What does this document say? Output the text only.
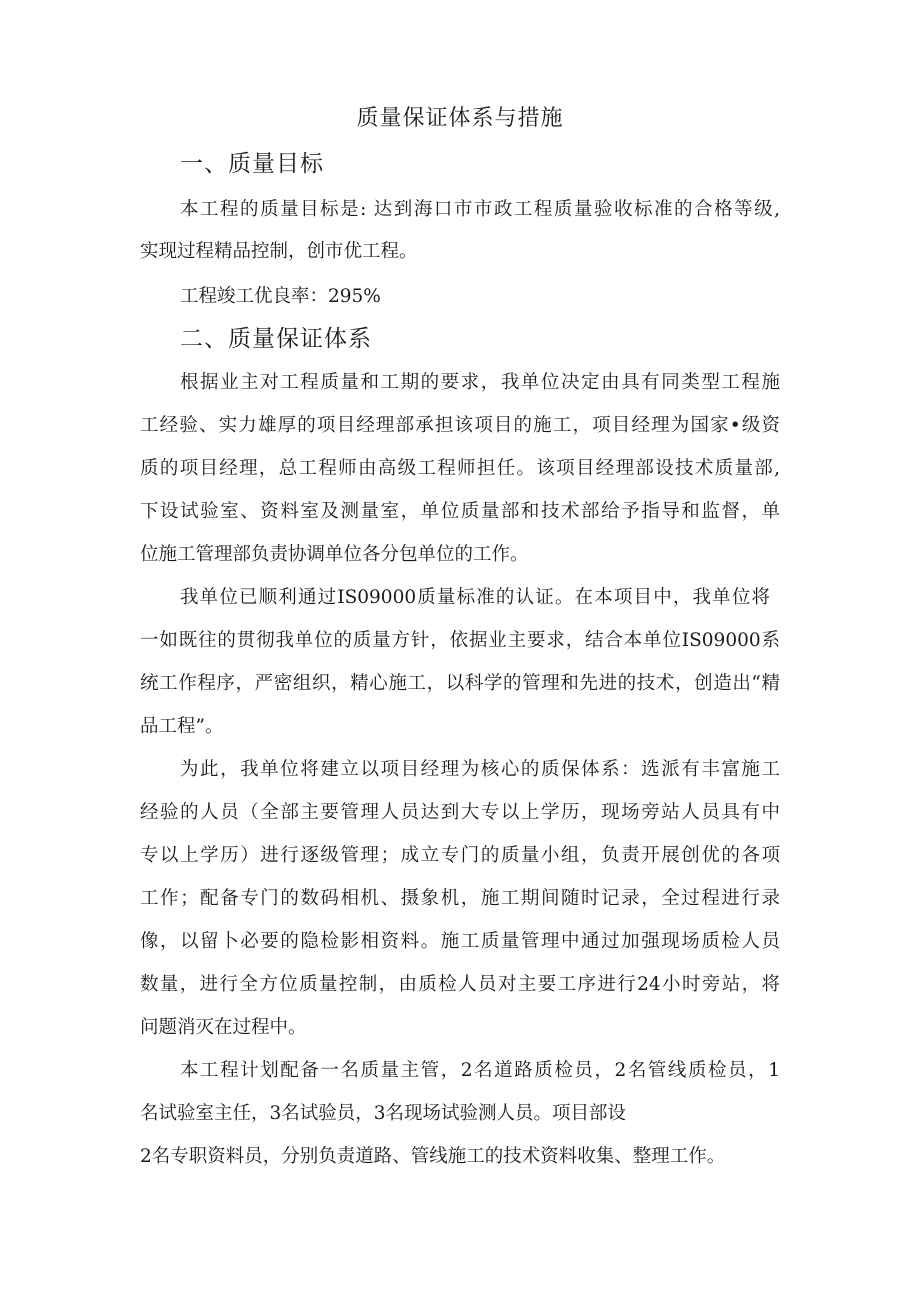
质量保证体系与措施
一、质量目标
本工程的质量目标是: 达到海口市市政工程质量验收标准的合格等级,
实现过程精品控制，创市优工程。
工程竣工优良率：295%
二、质量保证体系
根据业主对工程质量和工期的要求，我单位决定由具有同类型工程施
工经验、实力雄厚的项目经理部承担该项目的施工，项目经理为国家•级资
质的项目经理，总工程师由高级工程师担任。该项目经理部设技术质量部,
下设试验室、资料室及测量室，单位质量部和技术部给予指导和监督，单
位施工管理部负责协调单位各分包单位的工作。
我单位已顺利通过IS09000质量标准的认证。在本项目中，我单位将
一如既往的贯彻我单位的质量方针，依据业主要求，结合本单位IS09000系
统工作程序，严密组织，精心施工，以科学的管理和先进的技术，创造出“精
品工程”。
为此，我单位将建立以项目经理为核心的质保体系：选派有丰富施工
经验的人员（全部主要管理人员达到大专以上学历，现场旁站人员具有中
专以上学历）进行逐级管理；成立专门的质量小组，负责开展创优的各项
工作；配备专门的数码相机、摄象机，施工期间随时记录，全过程进行录
像，以留卜必要的隐检影相资料。施工质量管理中通过加强现场质检人员
数量，进行全方位质量控制，由质检人员对主要工序进行24小时旁站，将
问题消灭在过程中。
本工程计划配备一名质量主管，2名道路质检员，2名管线质检员，1
名试验室主任，3名试验员，3名现场试验测人员。项目部设
2名专职资料员，分别负责道路、管线施工的技术资料收集、整理工作。
